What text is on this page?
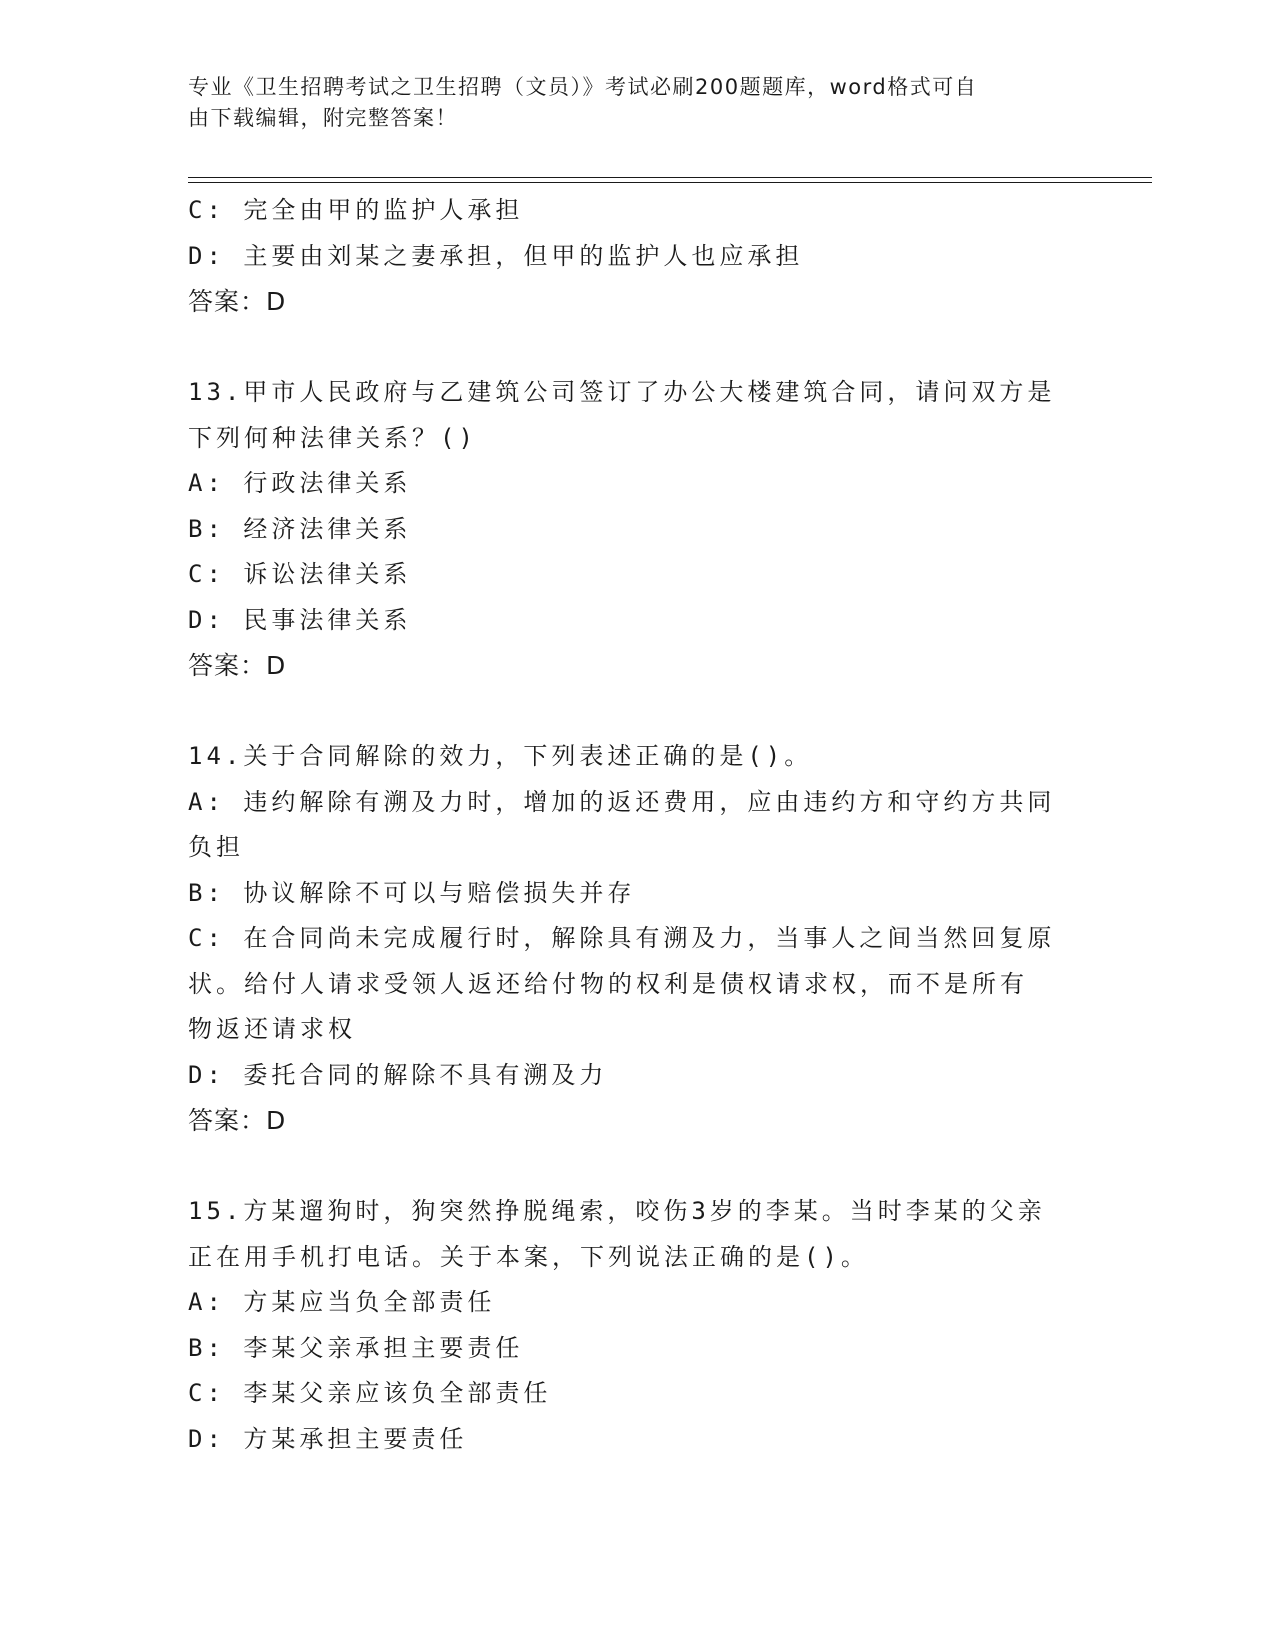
专业《卫生招聘考试之卫生招聘（文员）》考试必刷200题题库，word格式可自
由下载编辑，附完整答案！
C: 完全由甲的监护人承担
D: 主要由刘某之妻承担，但甲的监护人也应承担
答案：D
13.甲市人民政府与乙建筑公司签订了办公大楼建筑合同，请问双方是
下列何种法律关系？()
A: 行政法律关系
B: 经济法律关系
C: 诉讼法律关系
D: 民事法律关系
答案：D
14.关于合同解除的效力，下列表述正确的是()。
A: 违约解除有溯及力时，增加的返还费用，应由违约方和守约方共同
负担
B: 协议解除不可以与赔偿损失并存
C: 在合同尚未完成履行时，解除具有溯及力，当事人之间当然回复原
状。给付人请求受领人返还给付物的权利是债权请求权，而不是所有
物返还请求权
D: 委托合同的解除不具有溯及力
答案：D
15.方某遛狗时，狗突然挣脱绳索，咬伤3岁的李某。当时李某的父亲
正在用手机打电话。关于本案，下列说法正确的是()。
A: 方某应当负全部责任
B: 李某父亲承担主要责任
C: 李某父亲应该负全部责任
D: 方某承担主要责任
